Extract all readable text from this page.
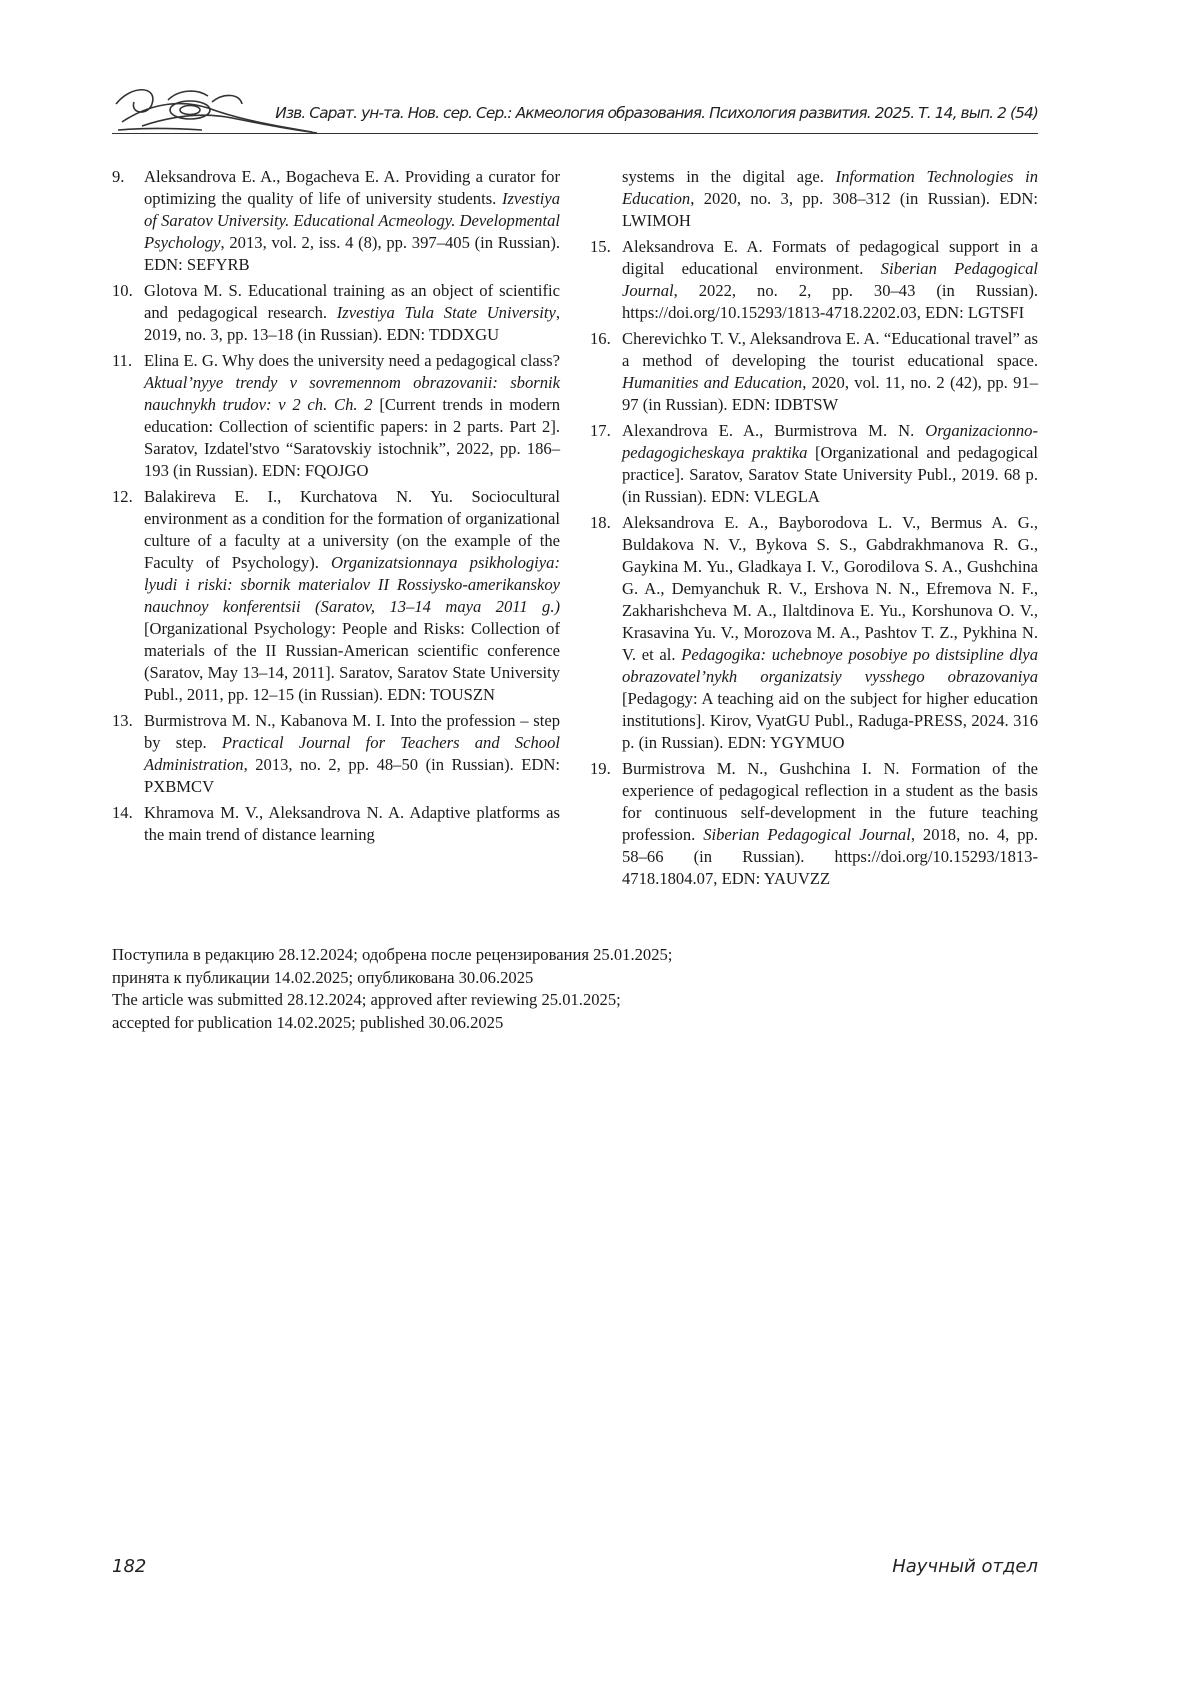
Изв. Сарат. ун-та. Нов. сер. Сер.: Акмеология образования. Психология развития. 2025. Т. 14, вып. 2 (54)
9. Aleksandrova E. A., Bogacheva E. A. Providing a curator for optimizing the quality of life of university students. Izvestiya of Saratov University. Educational Acmeology. Developmental Psychology, 2013, vol. 2, iss. 4 (8), pp. 397–405 (in Russian). EDN: SEFYRB
10. Glotova M. S. Educational training as an object of scientific and pedagogical research. Izvestiya Tula State University, 2019, no. 3, pp. 13–18 (in Russian). EDN: TDDXGU
11. Elina E. G. Why does the university need a pedagogical class? Aktual’nyye trendy v sovremennom obrazovanii: sbornik nauchnykh trudov: v 2 ch. Ch. 2 [Current trends in modern education: Collection of scientific papers: in 2 parts. Part 2]. Saratov, Izdatel'stvo “Saratovskiy istochnik”, 2022, pp. 186–193 (in Russian). EDN: FQOJGO
12. Balakireva E. I., Kurchatova N. Yu. Sociocultural environment as a condition for the formation of organizational culture of a faculty at a university (on the example of the Faculty of Psychology). Organizatsionnaya psikhologiya: lyudi i riski: sbornik materialov II Rossiysko-amerikanskoy nauchnoy konferentsii (Saratov, 13–14 maya 2011 g.) [Organizational Psychology: People and Risks: Collection of materials of the II Russian-American scientific conference (Saratov, May 13–14, 2011]. Saratov, Saratov State University Publ., 2011, pp. 12–15 (in Russian). EDN: TOUSZN
13. Burmistrova M. N., Kabanova M. I. Into the profession – step by step. Practical Journal for Teachers and School Administration, 2013, no. 2, pp. 48–50 (in Russian). EDN: PXBMCV
14. Khramova M. V., Aleksandrova N. A. Adaptive platforms as the main trend of distance learning
systems in the digital age. Information Technologies in Education, 2020, no. 3, pp. 308–312 (in Russian). EDN: LWIMOH
15. Aleksandrova E. A. Formats of pedagogical support in a digital educational environment. Siberian Pedagogical Journal, 2022, no. 2, pp. 30–43 (in Russian). https://doi.org/10.15293/1813-4718.2202.03, EDN: LGTSFI
16. Cherevichko T. V., Aleksandrova E. A. “Educational travel” as a method of developing the tourist educational space. Humanities and Education, 2020, vol. 11, no. 2 (42), pp. 91–97 (in Russian). EDN: IDBTSW
17. Alexandrova E. A., Burmistrova M. N. Organizacionno-pedagogicheskaya praktika [Organizational and pedagogical practice]. Saratov, Saratov State University Publ., 2019. 68 p. (in Russian). EDN: VLEGLA
18. Aleksandrova E. A., Bayborodova L. V., Bermus A. G., Buldakova N. V., Bykova S. S., Gabdrakhmanova R. G., Gaykina M. Yu., Gladkaya I. V., Gorodilova S. A., Gushchina G. A., Demyanchuk R. V., Ershova N. N., Efremova N. F., Zakharishcheva M. A., Ilaltdinova E. Yu., Korshunova O. V., Krasavina Yu. V., Morozova M. A., Pashtov T. Z., Pykhina N. V. et al. Pedagogika: uchebnoye posobiye po distsipline dlya obrazovatel’nykh organizatsiy vysshego obrazovaniya [Pedagogy: A teaching aid on the subject for higher education institutions]. Kirov, VyatGU Publ., Raduga-PRESS, 2024. 316 p. (in Russian). EDN: YGYMUO
19. Burmistrova M. N., Gushchina I. N. Formation of the experience of pedagogical reflection in a student as the basis for continuous self-development in the future teaching profession. Siberian Pedagogical Journal, 2018, no. 4, pp. 58–66 (in Russian). https://doi.org/10.15293/1813-4718.1804.07, EDN: YAUVZZ
Поступила в редакцию 28.12.2024; одобрена после рецензирования 25.01.2025;
принята к публикации 14.02.2025; опубликована 30.06.2025
The article was submitted 28.12.2024; approved after reviewing 25.01.2025;
accepted for publication 14.02.2025; published 30.06.2025
182	Научный отдел
